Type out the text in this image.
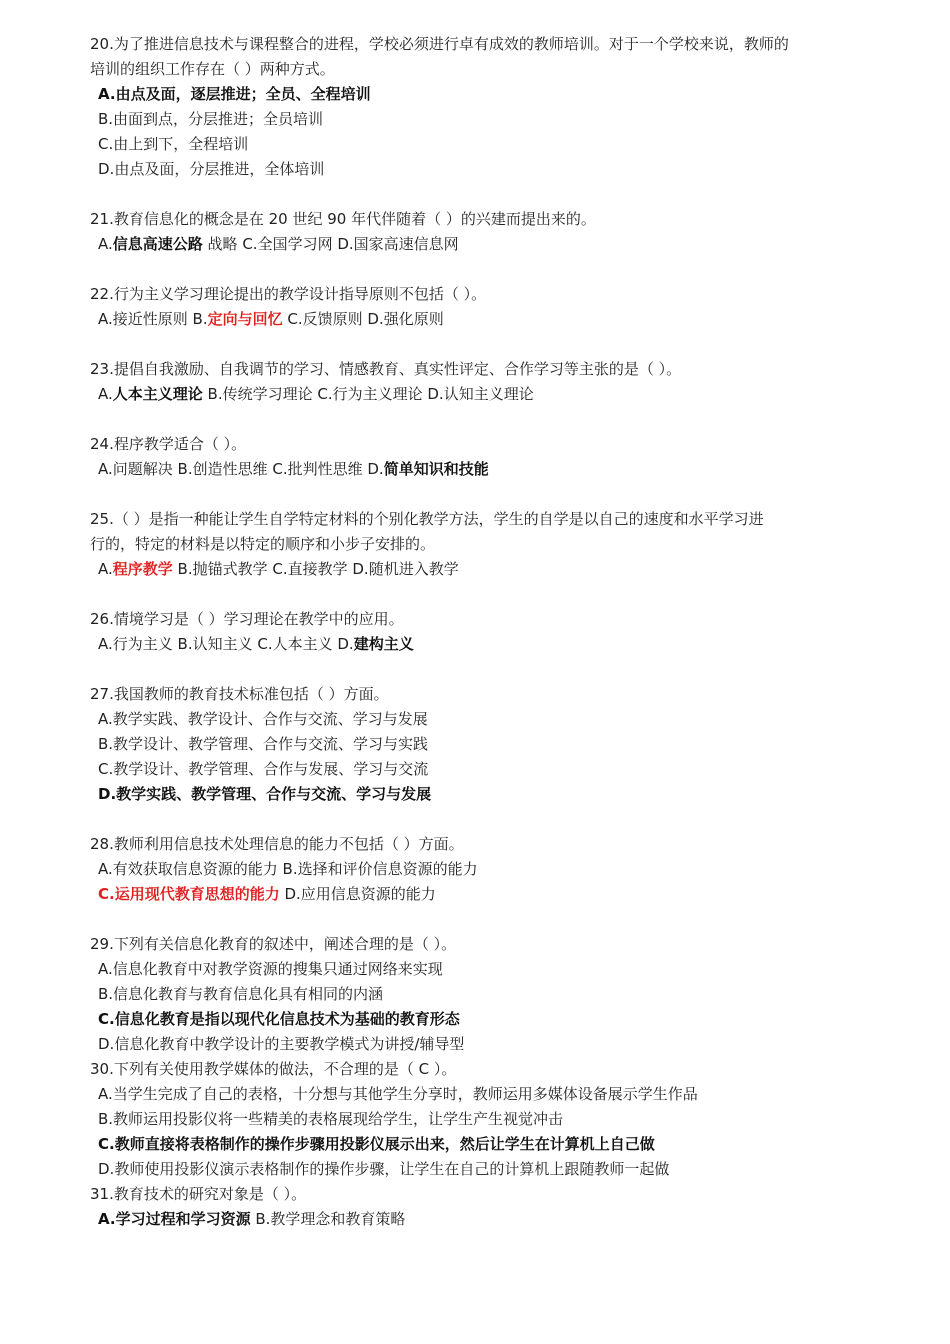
20.为了推进信息技术与课程整合的进程，学校必须进行卓有成效的教师培训。对于一个学校来说，教师的
培训的组织工作存在（ ）两种方式。
A.由点及面，逐层推进；全员、全程培训
B.由面到点，分层推进；全员培训
C.由上到下，全程培训
D.由点及面，分层推进，全体培训
21.教育信息化的概念是在 20 世纪 90 年代伴随着（ ）的兴建而提出来的。
A.信息高速公路 战略 C.全国学习网 D.国家高速信息网
22.行为主义学习理论提出的教学设计指导原则不包括（ ）。
A.接近性原则 B.定向与回忆 C.反馈原则 D.强化原则
23.提倡自我激励、自我调节的学习、情感教育、真实性评定、合作学习等主张的是（ ）。
A.人本主义理论 B.传统学习理论 C.行为主义理论 D.认知主义理论
24.程序教学适合（ ）。
A.问题解决 B.创造性思维 C.批判性思维 D.简单知识和技能
25.（ ）是指一种能让学生自学特定材料的个别化教学方法，学生的自学是以自己的速度和水平学习进
行的，特定的材料是以特定的顺序和小步子安排的。
A.程序教学 B.抛锚式教学 C.直接教学 D.随机进入教学
26.情境学习是（ ）学习理论在教学中的应用。
A.行为主义 B.认知主义 C.人本主义 D.建构主义
27.我国教师的教育技术标准包括（ ）方面。
A.教学实践、教学设计、合作与交流、学习与发展
B.教学设计、教学管理、合作与交流、学习与实践
C.教学设计、教学管理、合作与发展、学习与交流
D.教学实践、教学管理、合作与交流、学习与发展
28.教师利用信息技术处理信息的能力不包括（ ）方面。
A.有效获取信息资源的能力 B.选择和评价信息资源的能力
C.运用现代教育思想的能力 D.应用信息资源的能力
29.下列有关信息化教育的叙述中，阐述合理的是（ ）。
A.信息化教育中对教学资源的搜集只通过网络来实现
B.信息化教育与教育信息化具有相同的内涵
C.信息化教育是指以现代化信息技术为基础的教育形态
D.信息化教育中教学设计的主要教学模式为讲授/辅导型
30.下列有关使用教学媒体的做法，不合理的是（ C ）。
A.当学生完成了自己的表格，十分想与其他学生分享时，教师运用多媒体设备展示学生作品
B.教师运用投影仪将一些精美的表格展现给学生，让学生产生视觉冲击
C.教师直接将表格制作的操作步骤用投影仪展示出来，然后让学生在计算机上自己做
D.教师使用投影仪演示表格制作的操作步骤，让学生在自己的计算机上跟随教师一起做
31.教育技术的研究对象是（ ）。
A.学习过程和学习资源 B.教学理念和教育策略
